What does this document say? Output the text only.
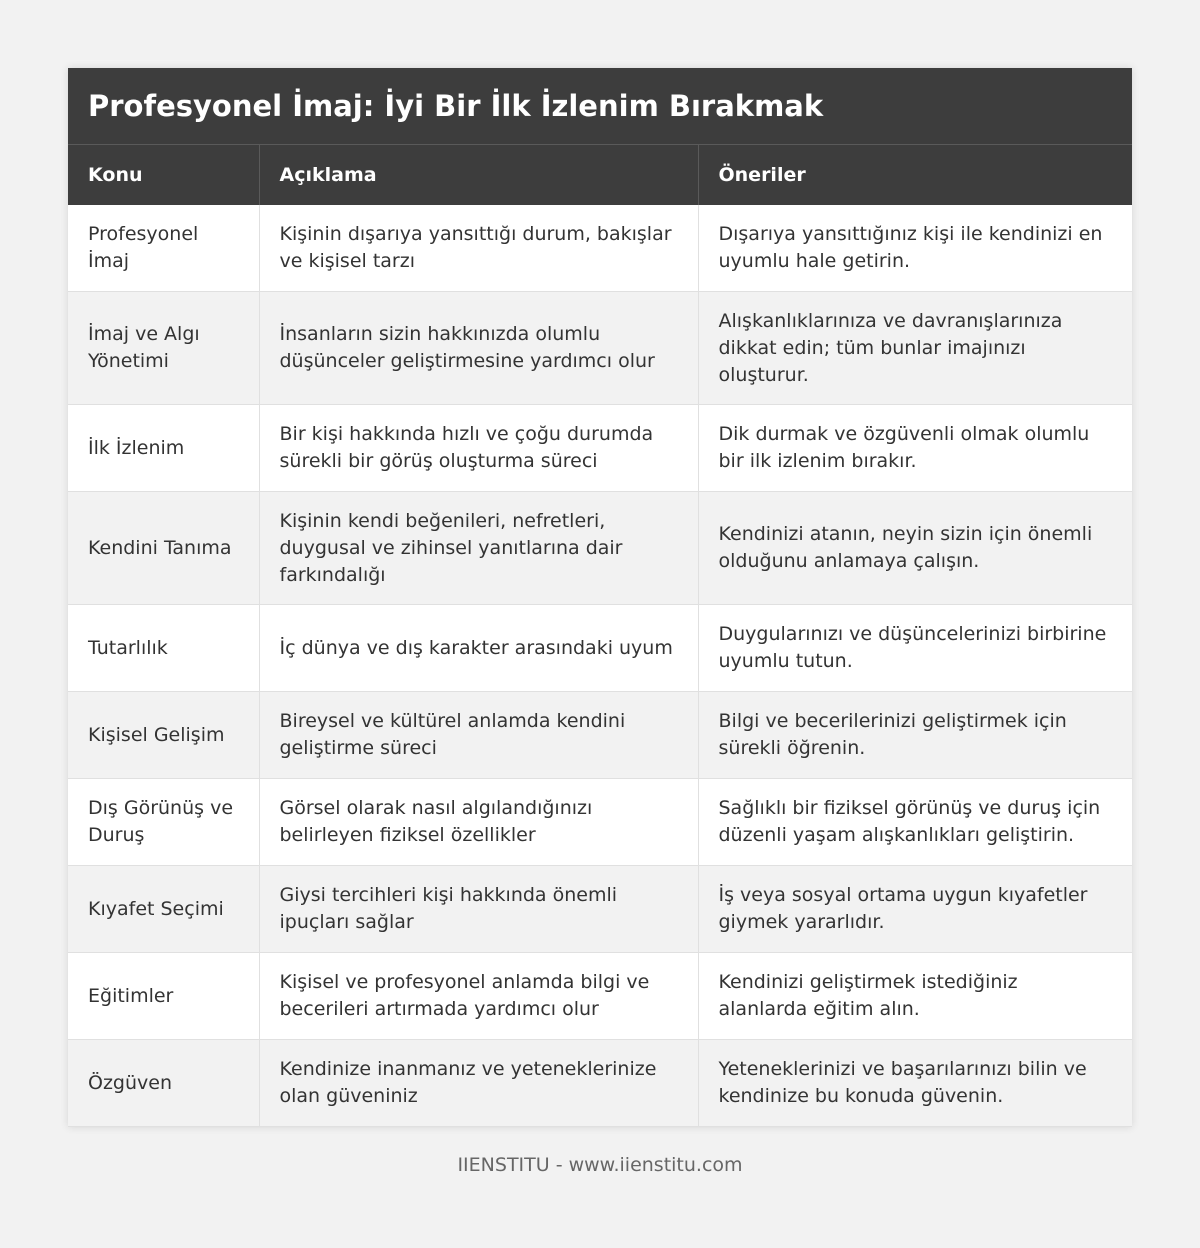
Profesyonel İmaj: İyi Bir İlk İzlenim Bırakmak
Konu	Açıklama	Öneriler
Profesyonel İmaj	Kişinin dışarıya yansıttığı durum, bakışlar ve kişisel tarzı	Dışarıya yansıttığınız kişi ile kendinizi en uyumlu hale getirin.
İmaj ve Algı Yönetimi	İnsanların sizin hakkınızda olumlu düşünceler geliştirmesine yardımcı olur	Alışkanlıklarınıza ve davranışlarınıza dikkat edin; tüm bunlar imajınızı oluşturur.
İlk İzlenim	Bir kişi hakkında hızlı ve çoğu durumda sürekli bir görüş oluşturma süreci	Dik durmak ve özgüvenli olmak olumlu bir ilk izlenim bırakır.
Kendini Tanıma	Kişinin kendi beğenileri, nefretleri, duygusal ve zihinsel yanıtlarına dair farkındalığı	Kendinizi atanın, neyin sizin için önemli olduğunu anlamaya çalışın.
Tutarlılık	İç dünya ve dış karakter arasındaki uyum	Duygularınızı ve düşüncelerinizi birbirine uyumlu tutun.
Kişisel Gelişim	Bireysel ve kültürel anlamda kendini geliştirme süreci	Bilgi ve becerilerinizi geliştirmek için sürekli öğrenin.
Dış Görünüş ve Duruş	Görsel olarak nasıl algılandığınızı belirleyen fiziksel özellikler	Sağlıklı bir fiziksel görünüş ve duruş için düzenli yaşam alışkanlıkları geliştirin.
Kıyafet Seçimi	Giysi tercihleri kişi hakkında önemli ipuçları sağlar	İş veya sosyal ortama uygun kıyafetler giymek yararlıdır.
Eğitimler	Kişisel ve profesyonel anlamda bilgi ve becerileri artırmada yardımcı olur	Kendinizi geliştirmek istediğiniz alanlarda eğitim alın.
Özgüven	Kendinize inanmanız ve yeteneklerinize olan güveniniz	Yeteneklerinizi ve başarılarınızı bilin ve kendinize bu konuda güvenin.
IIENSTITU - www.iienstitu.com
